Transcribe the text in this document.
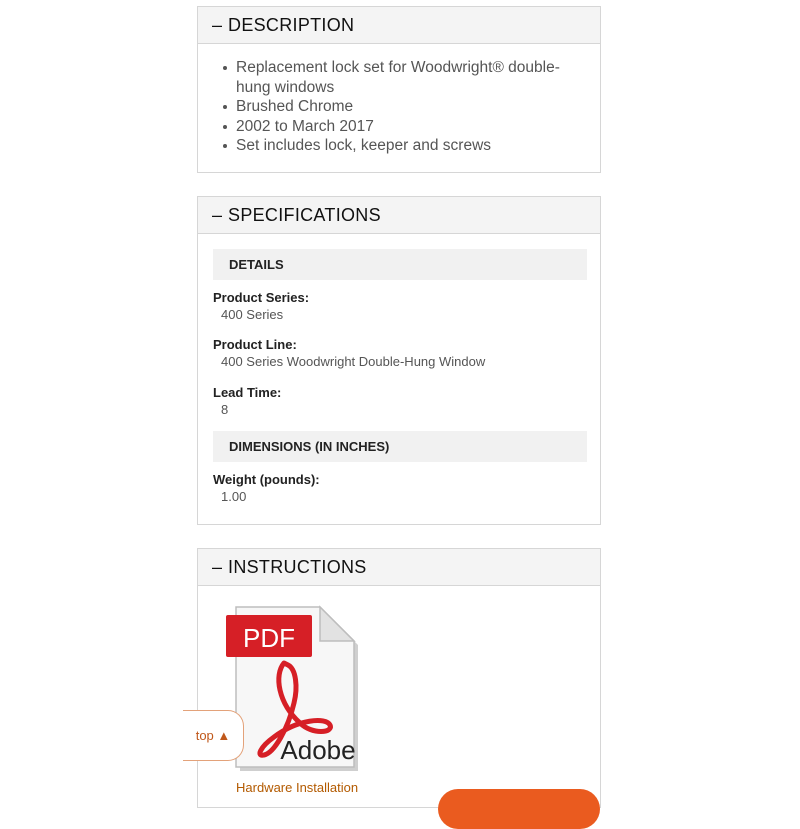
– DESCRIPTION
Replacement lock set for Woodwright® double-hung windows
Brushed Chrome
2002 to March 2017
Set includes lock, keeper and screws
– SPECIFICATIONS
DETAILS
Product Series:
400 Series
Product Line:
400 Series Woodwright Double-Hung Window
Lead Time:
8
DIMENSIONS (IN INCHES)
Weight (pounds):
1.00
– INSTRUCTIONS
PDF
Adobe
Hardware Installation
top ▲
